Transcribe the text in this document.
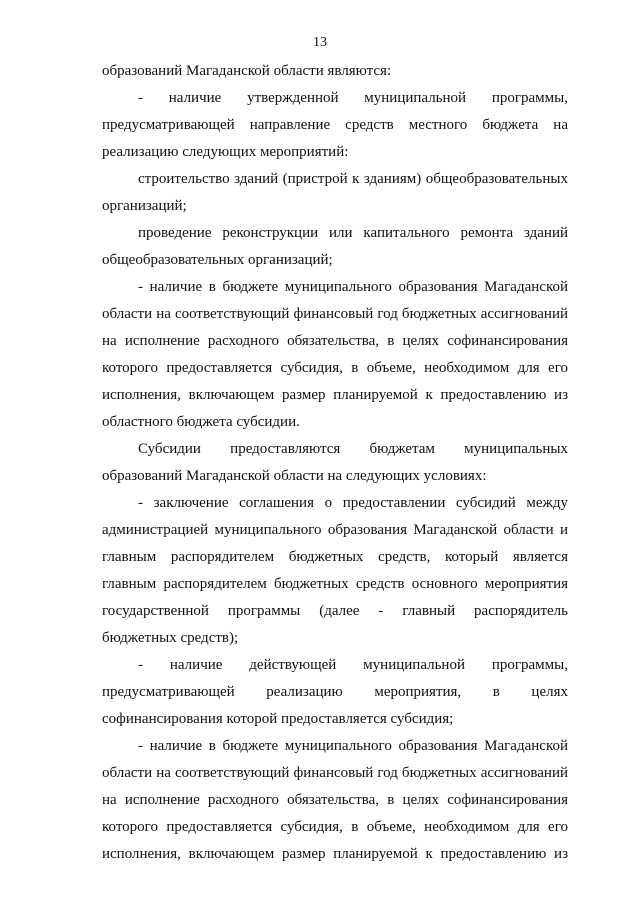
13

образований Магаданской области являются:

-      наличие      утвержденной      муниципальной      программы, предусматривающей направление средств местного бюджета на реализацию следующих мероприятий:

строительство зданий (пристрой к зданиям) общеобразовательных организаций;

проведение реконструкции или капитального ремонта зданий общеобразовательных организаций;

- наличие в бюджете муниципального образования Магаданской области на соответствующий финансовый год бюджетных ассигнований на исполнение расходного обязательства, в целях софинансирования которого предоставляется субсидия, в объеме, необходимом для его исполнения, включающем размер планируемой к предоставлению из областного бюджета субсидии.

Субсидии предоставляются бюджетам муниципальных образований Магаданской области на следующих условиях:

- заключение соглашения о предоставлении субсидий между администрацией муниципального образования Магаданской области и главным распорядителем бюджетных средств, который является главным распорядителем бюджетных средств основного мероприятия государственной программы (далее - главный распорядитель бюджетных средств);

-      наличие      действующей      муниципальной      программы, предусматривающей реализацию мероприятия, в целях софинансирования которой предоставляется субсидия;

- наличие в бюджете муниципального образования Магаданской области на соответствующий финансовый год бюджетных ассигнований на исполнение расходного обязательства, в целях софинансирования которого предоставляется субсидия, в объеме, необходимом для его исполнения, включающем размер планируемой к предоставлению из
